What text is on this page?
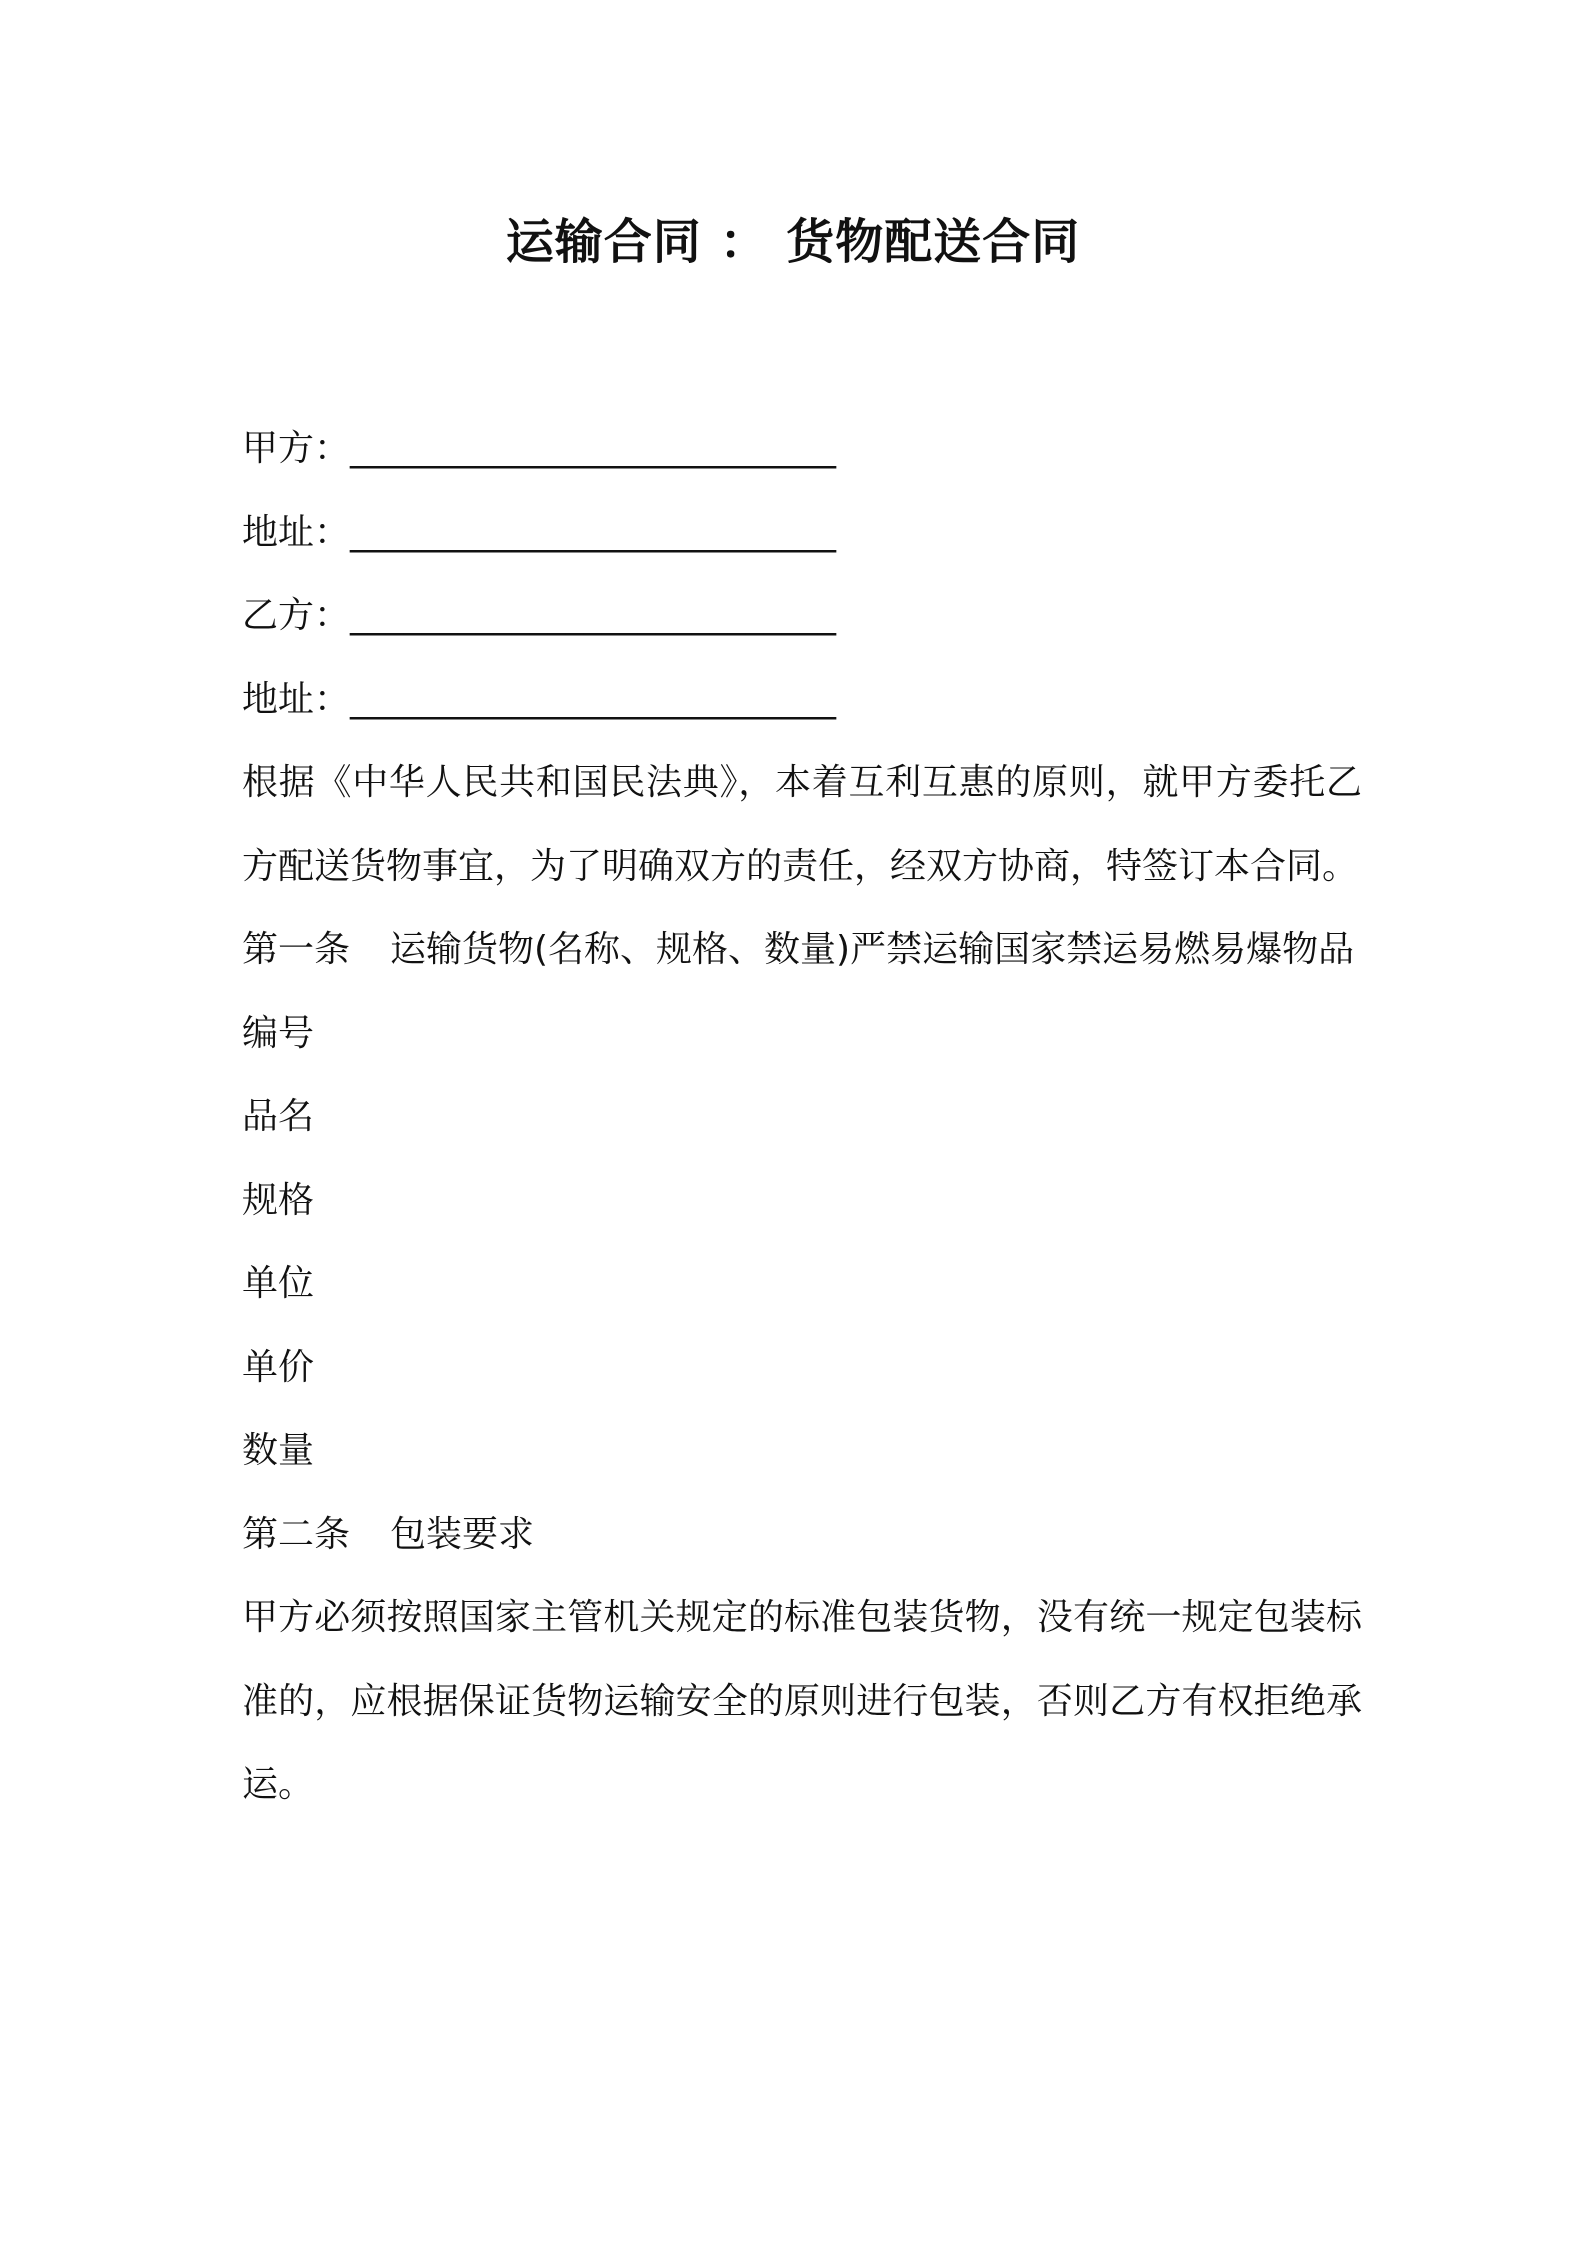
运输合同 ： 货物配送合同
甲方：___________________________
地址：___________________________
乙方：___________________________
地址：___________________________

根据《中华人民共和国民法典》，本着互利互惠的原则，就甲方委托乙方配送货物事宜，为了明确双方的责任，经双方协商，特签订本合同。

第一条 运输货物(名称、规格、数量)严禁运输国家禁运易燃易爆物品

编号
品名
规格
单位
单价
数量
第二条 包装要求

甲方必须按照国家主管机关规定的标准包装货物，没有统一规定包装标准的，应根据保证货物运输安全的原则进行包装，否则乙方有权拒绝承运。
